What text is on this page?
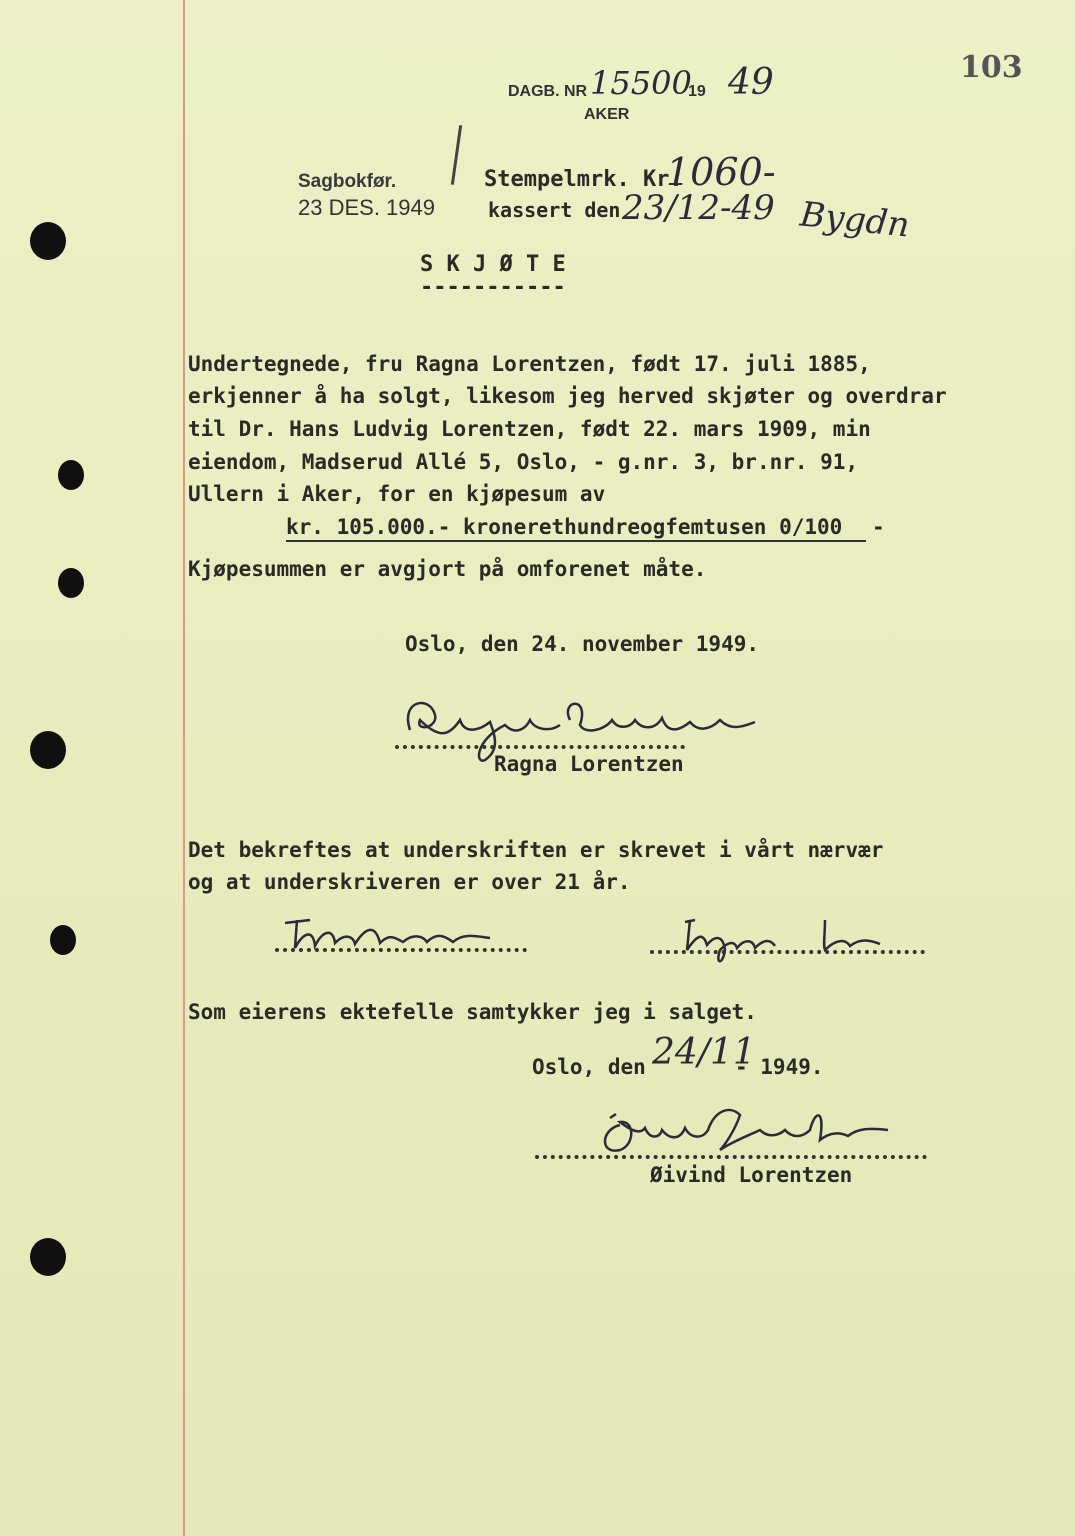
103
DAGB. NR 15500
19 49
AKER
Sagbokfør.
23 DES. 1949
Stempelmrk. Kr.
1060-
kassert den 23/12-49 Bygdn
S K J Ø T E
-----------
Undertegnede, fru Ragna Lorentzen, født 17. juli 1885,
erkjenner å ha solgt, likesom jeg herved skjøter og overdrar
til Dr. Hans Ludvig Lorentzen, født 22. mars 1909, min
eiendom, Madserud Allé 5, Oslo, - g.nr. 3, br.nr. 91,
Ullern i Aker, for en kjøpesum av
kr. 105.000.- kronerethundreogfemtusen 0/100 -
Kjøpesummen er avgjort på omforenet måte.
Oslo, den 24. november 1949.
Ragna Lorentzen
Det bekreftes at underskriften er skrevet i vårt nærvær
og at underskriveren er over 21 år.
Som eierens ektefelle samtykker jeg i salget.
Oslo, den 24/11
- 1949.
Øivind Lorentzen
